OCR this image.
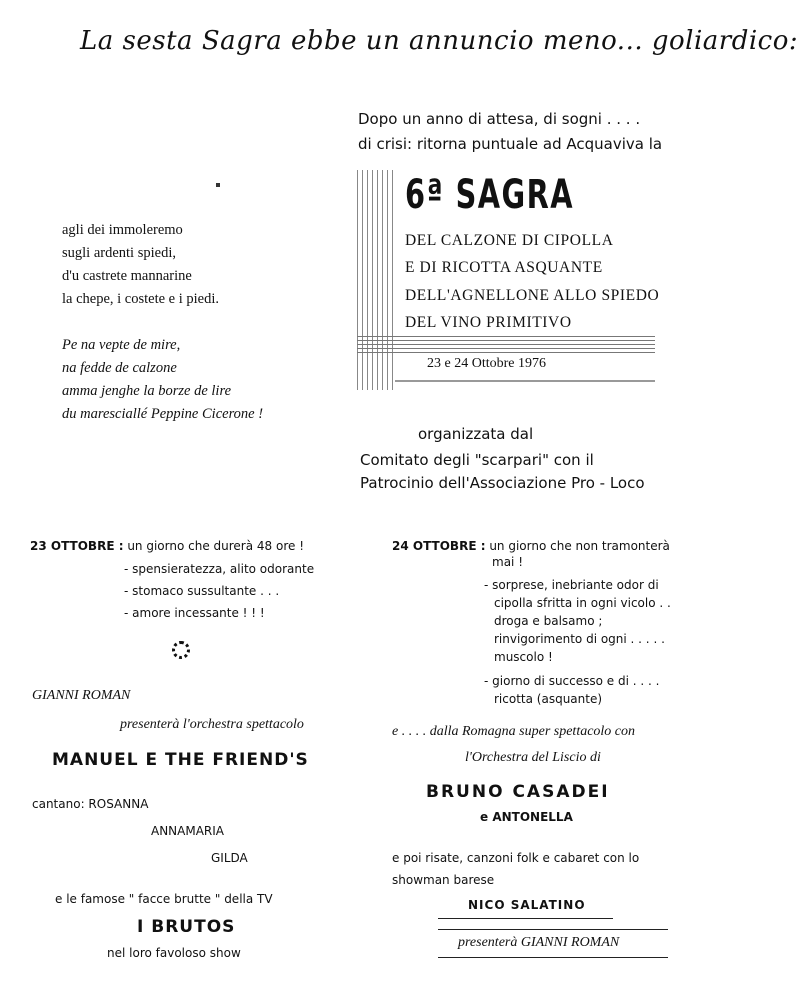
La sesta Sagra ebbe un annuncio meno... goliardico:
Dopo un anno di attesa, di sogni . . . .
di crisi: ritorna puntuale ad Acquaviva la
6ª SAGRA
DEL CALZONE DI CIPOLLA
E DI RICOTTA ASQUANTE
DELL'AGNELLONE ALLO SPIEDO
DEL VINO PRIMITIVO
23 e 24 Ottobre 1976
agli dei immoleremo
sugli ardenti spiedi,
d'u castrete mannarine
la chepe, i costete e i piedi.
Pe na vepte de mire,
na fedde de calzone
amma jenghe la borze de lire
du maresciallé Peppine Cicerone !
organizzata dal
Comitato degli "scarpari" con il
Patrocinio dell'Associazione Pro - Loco
23 OTTOBRE : un giorno che durerà 48 ore !
- spensieratezza, alito odorante
- stomaco sussultante . . .
- amore incessante ! ! !
GIANNI ROMAN
presenterà l'orchestra spettacolo
MANUEL E THE FRIEND'S
cantano: ROSANNA
ANNAMARIA
GILDA
e le famose " facce brutte " della TV
I BRUTOS
nel loro favoloso show
24 OTTOBRE : un giorno che non tramonterà
mai !
- sorprese, inebriante odor di
cipolla sfritta in ogni vicolo . .
droga e balsamo ;
rinvigorimento di ogni . . . . .
muscolo !
- giorno di successo e di . . . .
ricotta (asquante)
e . . . . dalla Romagna super spettacolo con
l'Orchestra del Liscio di
BRUNO CASADEI
e ANTONELLA
e poi risate, canzoni folk e cabaret con lo
showman barese
NICO SALATINO
presenterà GIANNI ROMAN
